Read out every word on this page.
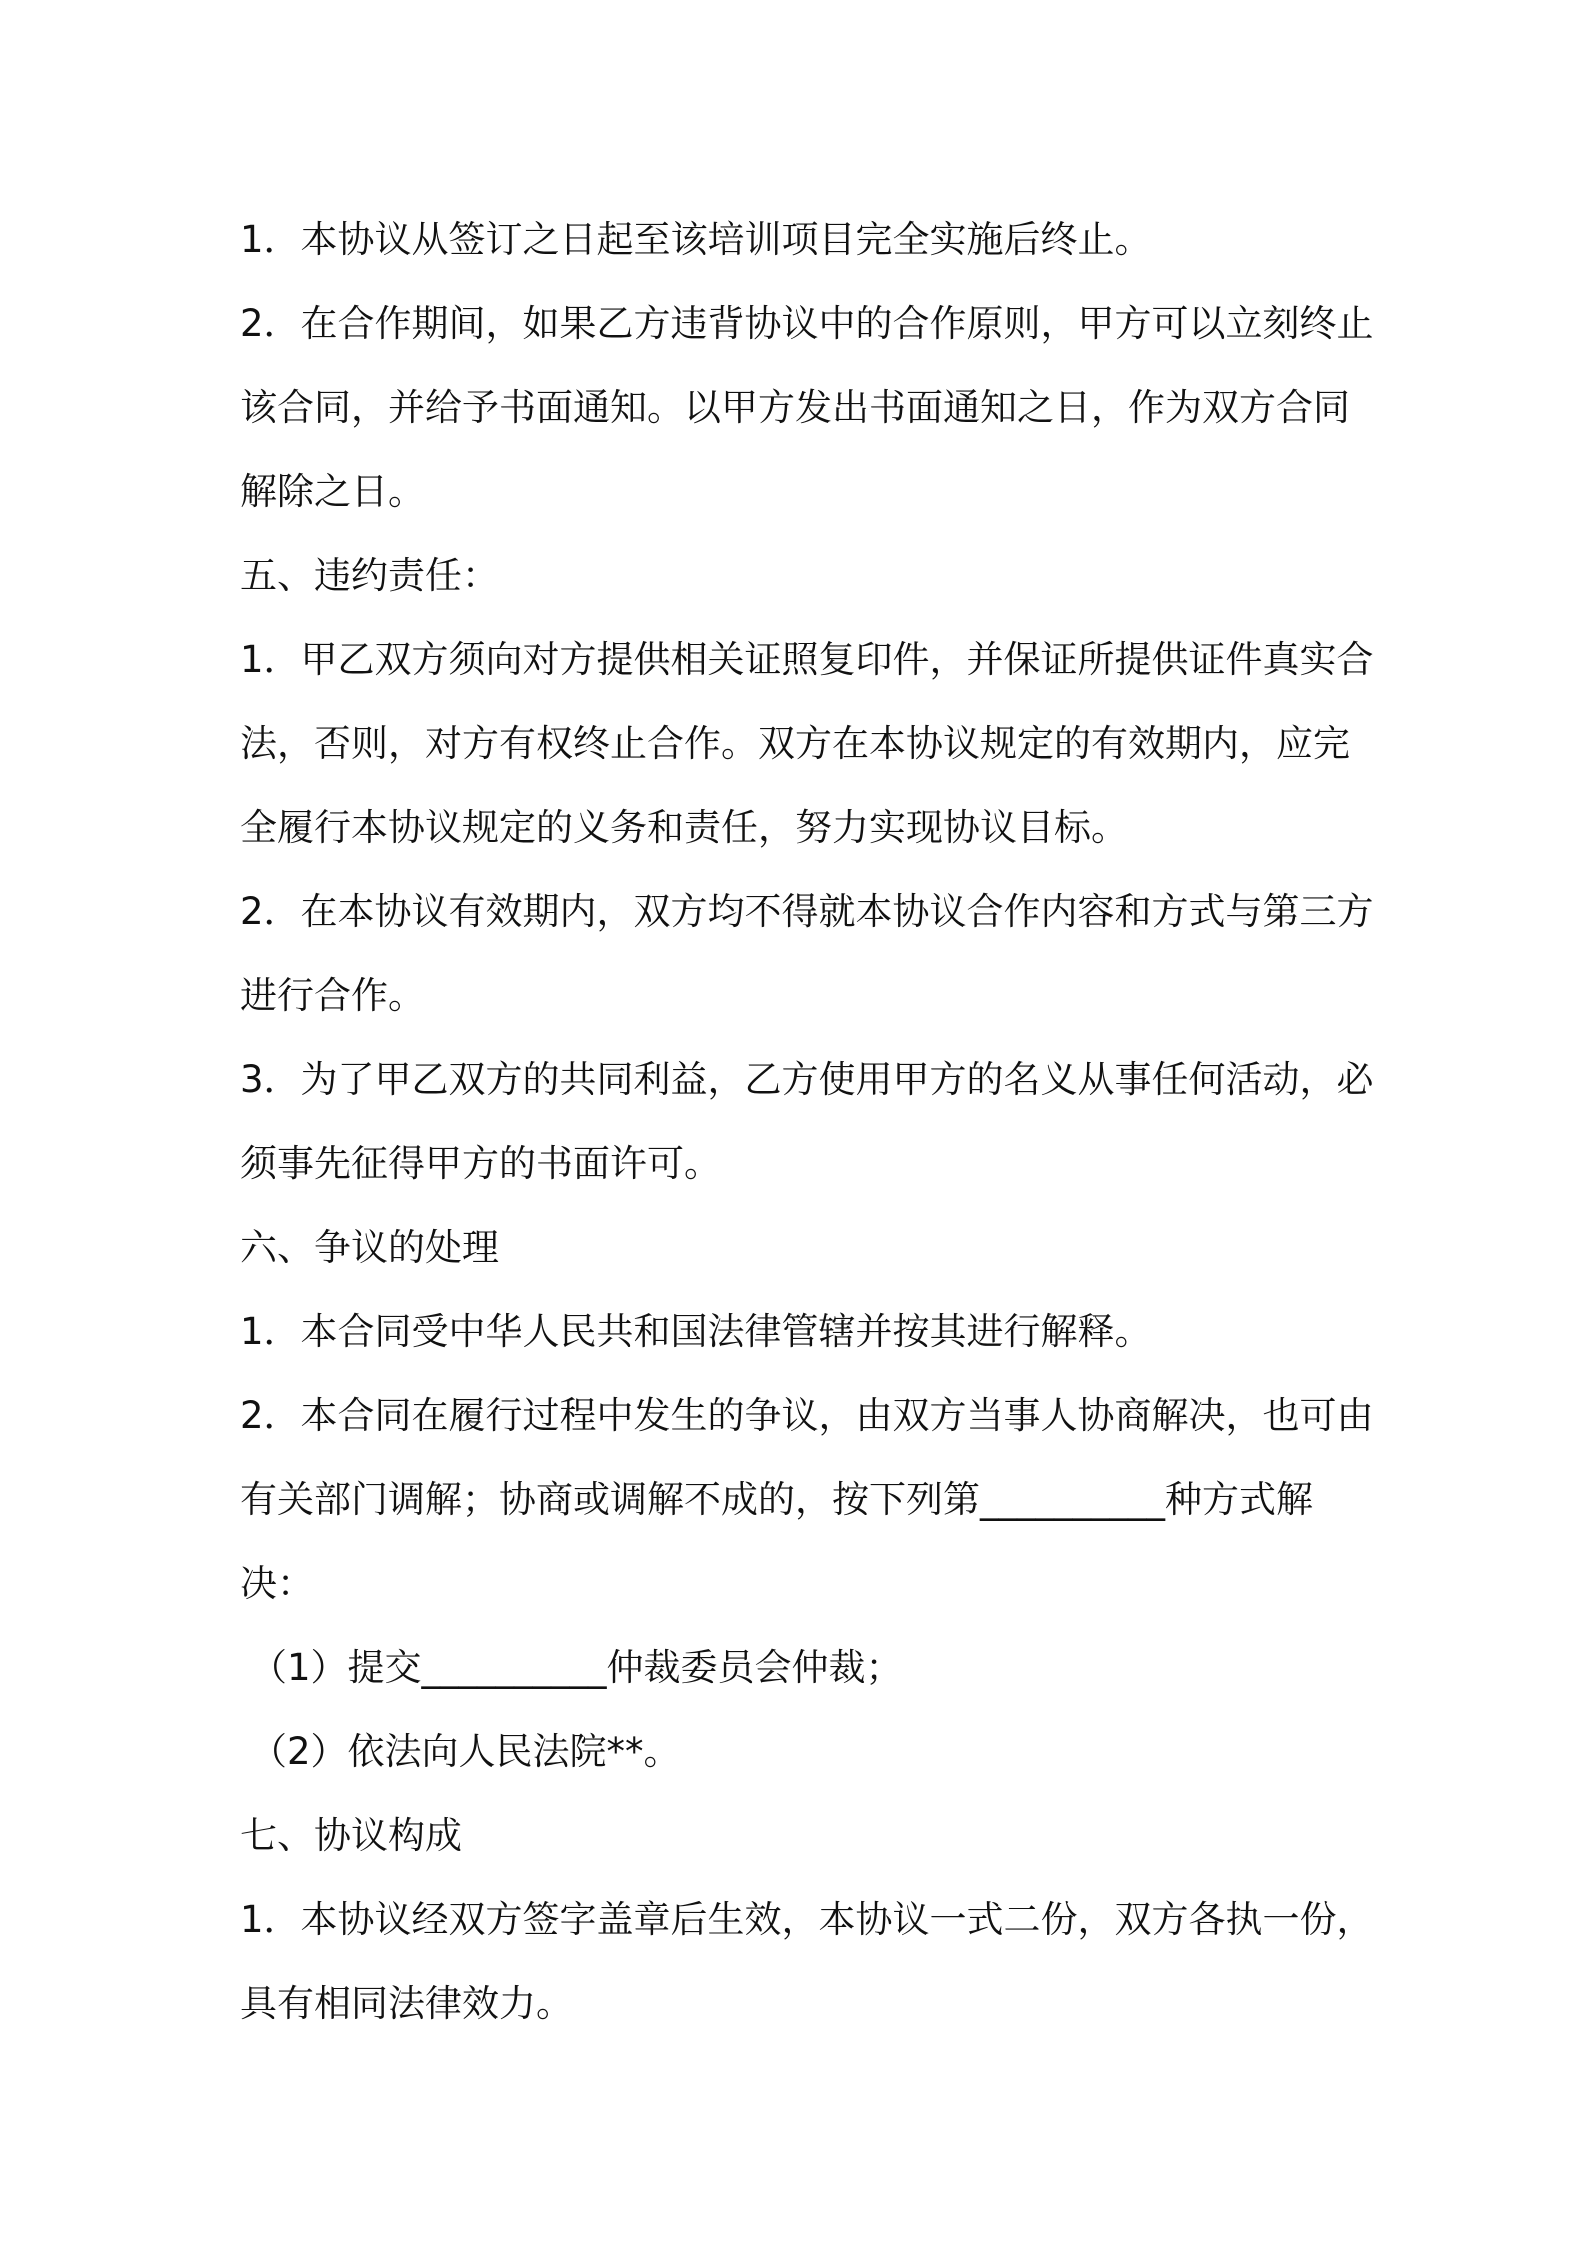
1．本协议从签订之日起至该培训项目完全实施后终止。

2．在合作期间，如果乙方违背协议中的合作原则，甲方可以立刻终止该合同，并给予书面通知。以甲方发出书面通知之日，作为双方合同解除之日。

五、违约责任：

1．甲乙双方须向对方提供相关证照复印件，并保证所提供证件真实合法，否则，对方有权终止合作。双方在本协议规定的有效期内，应完全履行本协议规定的义务和责任，努力实现协议目标。

2．在本协议有效期内，双方均不得就本协议合作内容和方式与第三方进行合作。

3．为了甲乙双方的共同利益，乙方使用甲方的名义从事任何活动，必须事先征得甲方的书面许可。

六、争议的处理

1．本合同受中华人民共和国法律管辖并按其进行解释。

2．本合同在履行过程中发生的争议，由双方当事人协商解决，也可由有关部门调解；协商或调解不成的，按下列第__________种方式解决：

（1）提交__________仲裁委员会仲裁；

（2）依法向人民法院**。

七、协议构成

1．本协议经双方签字盖章后生效，本协议一式二份，双方各执一份，具有相同法律效力。
